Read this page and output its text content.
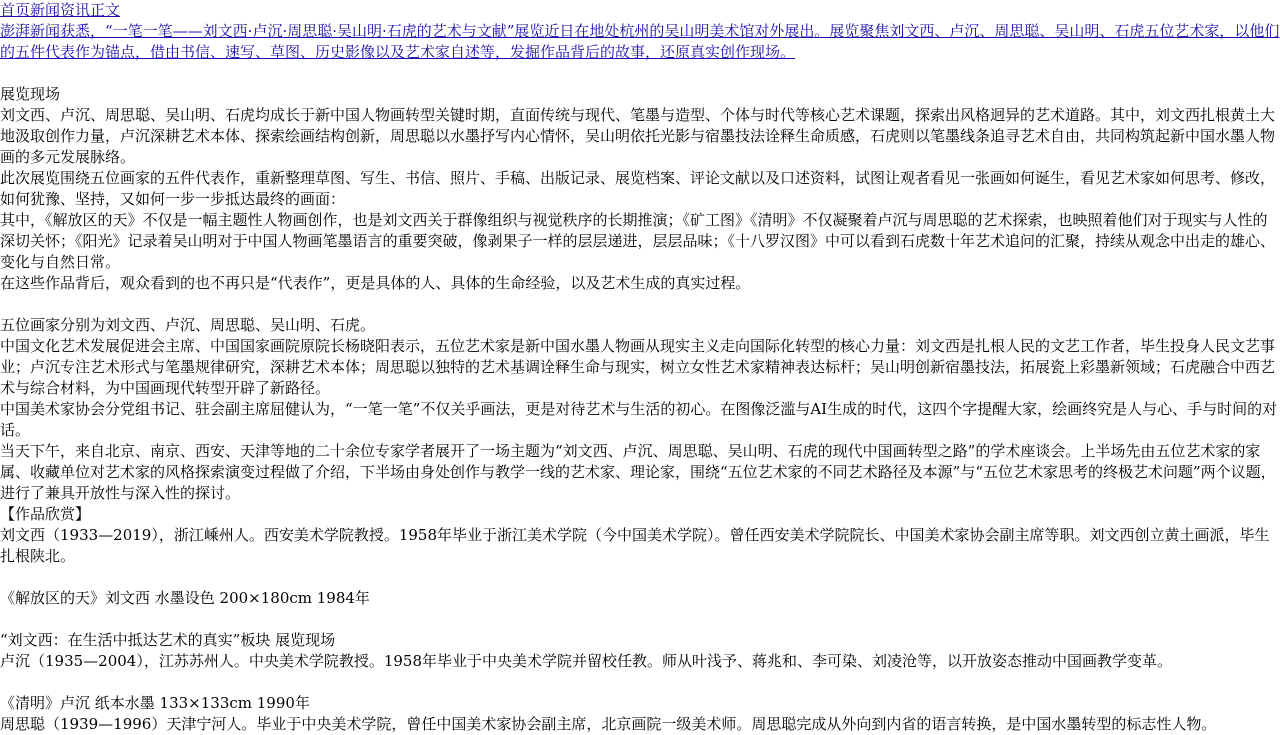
首页新闻资讯正文

澎湃新闻获悉，“一笔一笔——刘文西·卢沉·周思聪·吴山明·石虎的艺术与文献”展览近日在地处杭州的吴山明美术馆对外展出。展览聚焦刘文西、卢沉、周思聪、吴山明、石虎五位艺术家，以他们的五件代表作为锚点，借由书信、速写、草图、历史影像以及艺术家自述等，发掘作品背后的故事，还原真实创作现场。

展览现场

刘文西、卢沉、周思聪、吴山明、石虎均成长于新中国人物画转型关键时期，直面传统与现代、笔墨与造型、个体与时代等核心艺术课题，探索出风格迥异的艺术道路。其中，刘文西扎根黄土大地汲取创作力量，卢沉深耕艺术本体、探索绘画结构创新，周思聪以水墨抒写内心情怀，吴山明依托光影与宿墨技法诠释生命质感，石虎则以笔墨线条追寻艺术自由，共同构筑起新中国水墨人物画的多元发展脉络。

此次展览围绕五位画家的五件代表作，重新整理草图、写生、书信、照片、手稿、出版记录、展览档案、评论文献以及口述资料，试图让观者看见一张画如何诞生，看见艺术家如何思考、修改，如何犹豫、坚持，又如何一步一步抵达最终的画面：

其中，《解放区的天》不仅是一幅主题性人物画创作，也是刘文西关于群像组织与视觉秩序的长期推演；《矿工图》《清明》不仅凝聚着卢沉与周思聪的艺术探索，也映照着他们对于现实与人性的深切关怀；《阳光》记录着吴山明对于中国人物画笔墨语言的重要突破，像剥果子一样的层层递进，层层品味；《十八罗汉图》中可以看到石虎数十年艺术追问的汇聚，持续从观念中出走的雄心、变化与自然日常。

在这些作品背后，观众看到的也不再只是“代表作”，更是具体的人、具体的生命经验，以及艺术生成的真实过程。

五位画家分别为刘文西、卢沉、周思聪、吴山明、石虎。

中国文化艺术发展促进会主席、中国国家画院原院长杨晓阳表示，五位艺术家是新中国水墨人物画从现实主义走向国际化转型的核心力量：刘文西是扎根人民的文艺工作者，毕生投身人民文艺事业；卢沉专注艺术形式与笔墨规律研究，深耕艺术本体；周思聪以独特的艺术基调诠释生命与现实，树立女性艺术家精神表达标杆；吴山明创新宿墨技法，拓展瓷上彩墨新领域；石虎融合中西艺术与综合材料，为中国画现代转型开辟了新路径。

中国美术家协会分党组书记、驻会副主席屈健认为，“一笔一笔”不仅关乎画法，更是对待艺术与生活的初心。在图像泛滥与AI生成的时代，这四个字提醒大家，绘画终究是人与心、手与时间的对话。

当天下午，来自北京、南京、西安、天津等地的二十余位专家学者展开了一场主题为“刘文西、卢沉、周思聪、吴山明、石虎的现代中国画转型之路”的学术座谈会。上半场先由五位艺术家的家属、收藏单位对艺术家的风格探索演变过程做了介绍，下半场由身处创作与教学一线的艺术家、理论家，围绕“五位艺术家的不同艺术路径及本源”与“五位艺术家思考的终极艺术问题”两个议题，进行了兼具开放性与深入性的探讨。

【作品欣赏】

刘文西（1933—2019），浙江嵊州人。西安美术学院教授。1958年毕业于浙江美术学院（今中国美术学院）。曾任西安美术学院院长、中国美术家协会副主席等职。刘文西创立黄土画派，毕生扎根陕北。

《解放区的天》刘文西 水墨设色 200×180cm 1984年

“刘文西：在生活中抵达艺术的真实”板块 展览现场

卢沉（1935—2004），江苏苏州人。中央美术学院教授。1958年毕业于中央美术学院并留校任教。师从叶浅予、蒋兆和、李可染、刘凌沧等，以开放姿态推动中国画教学变革。

《清明》卢沉 纸本水墨 133×133cm 1990年

周思聪（1939—1996）天津宁河人。毕业于中央美术学院，曾任中国美术家协会副主席，北京画院一级美术师。周思聪完成从外向到内省的语言转换，是中国水墨转型的标志性人物。
